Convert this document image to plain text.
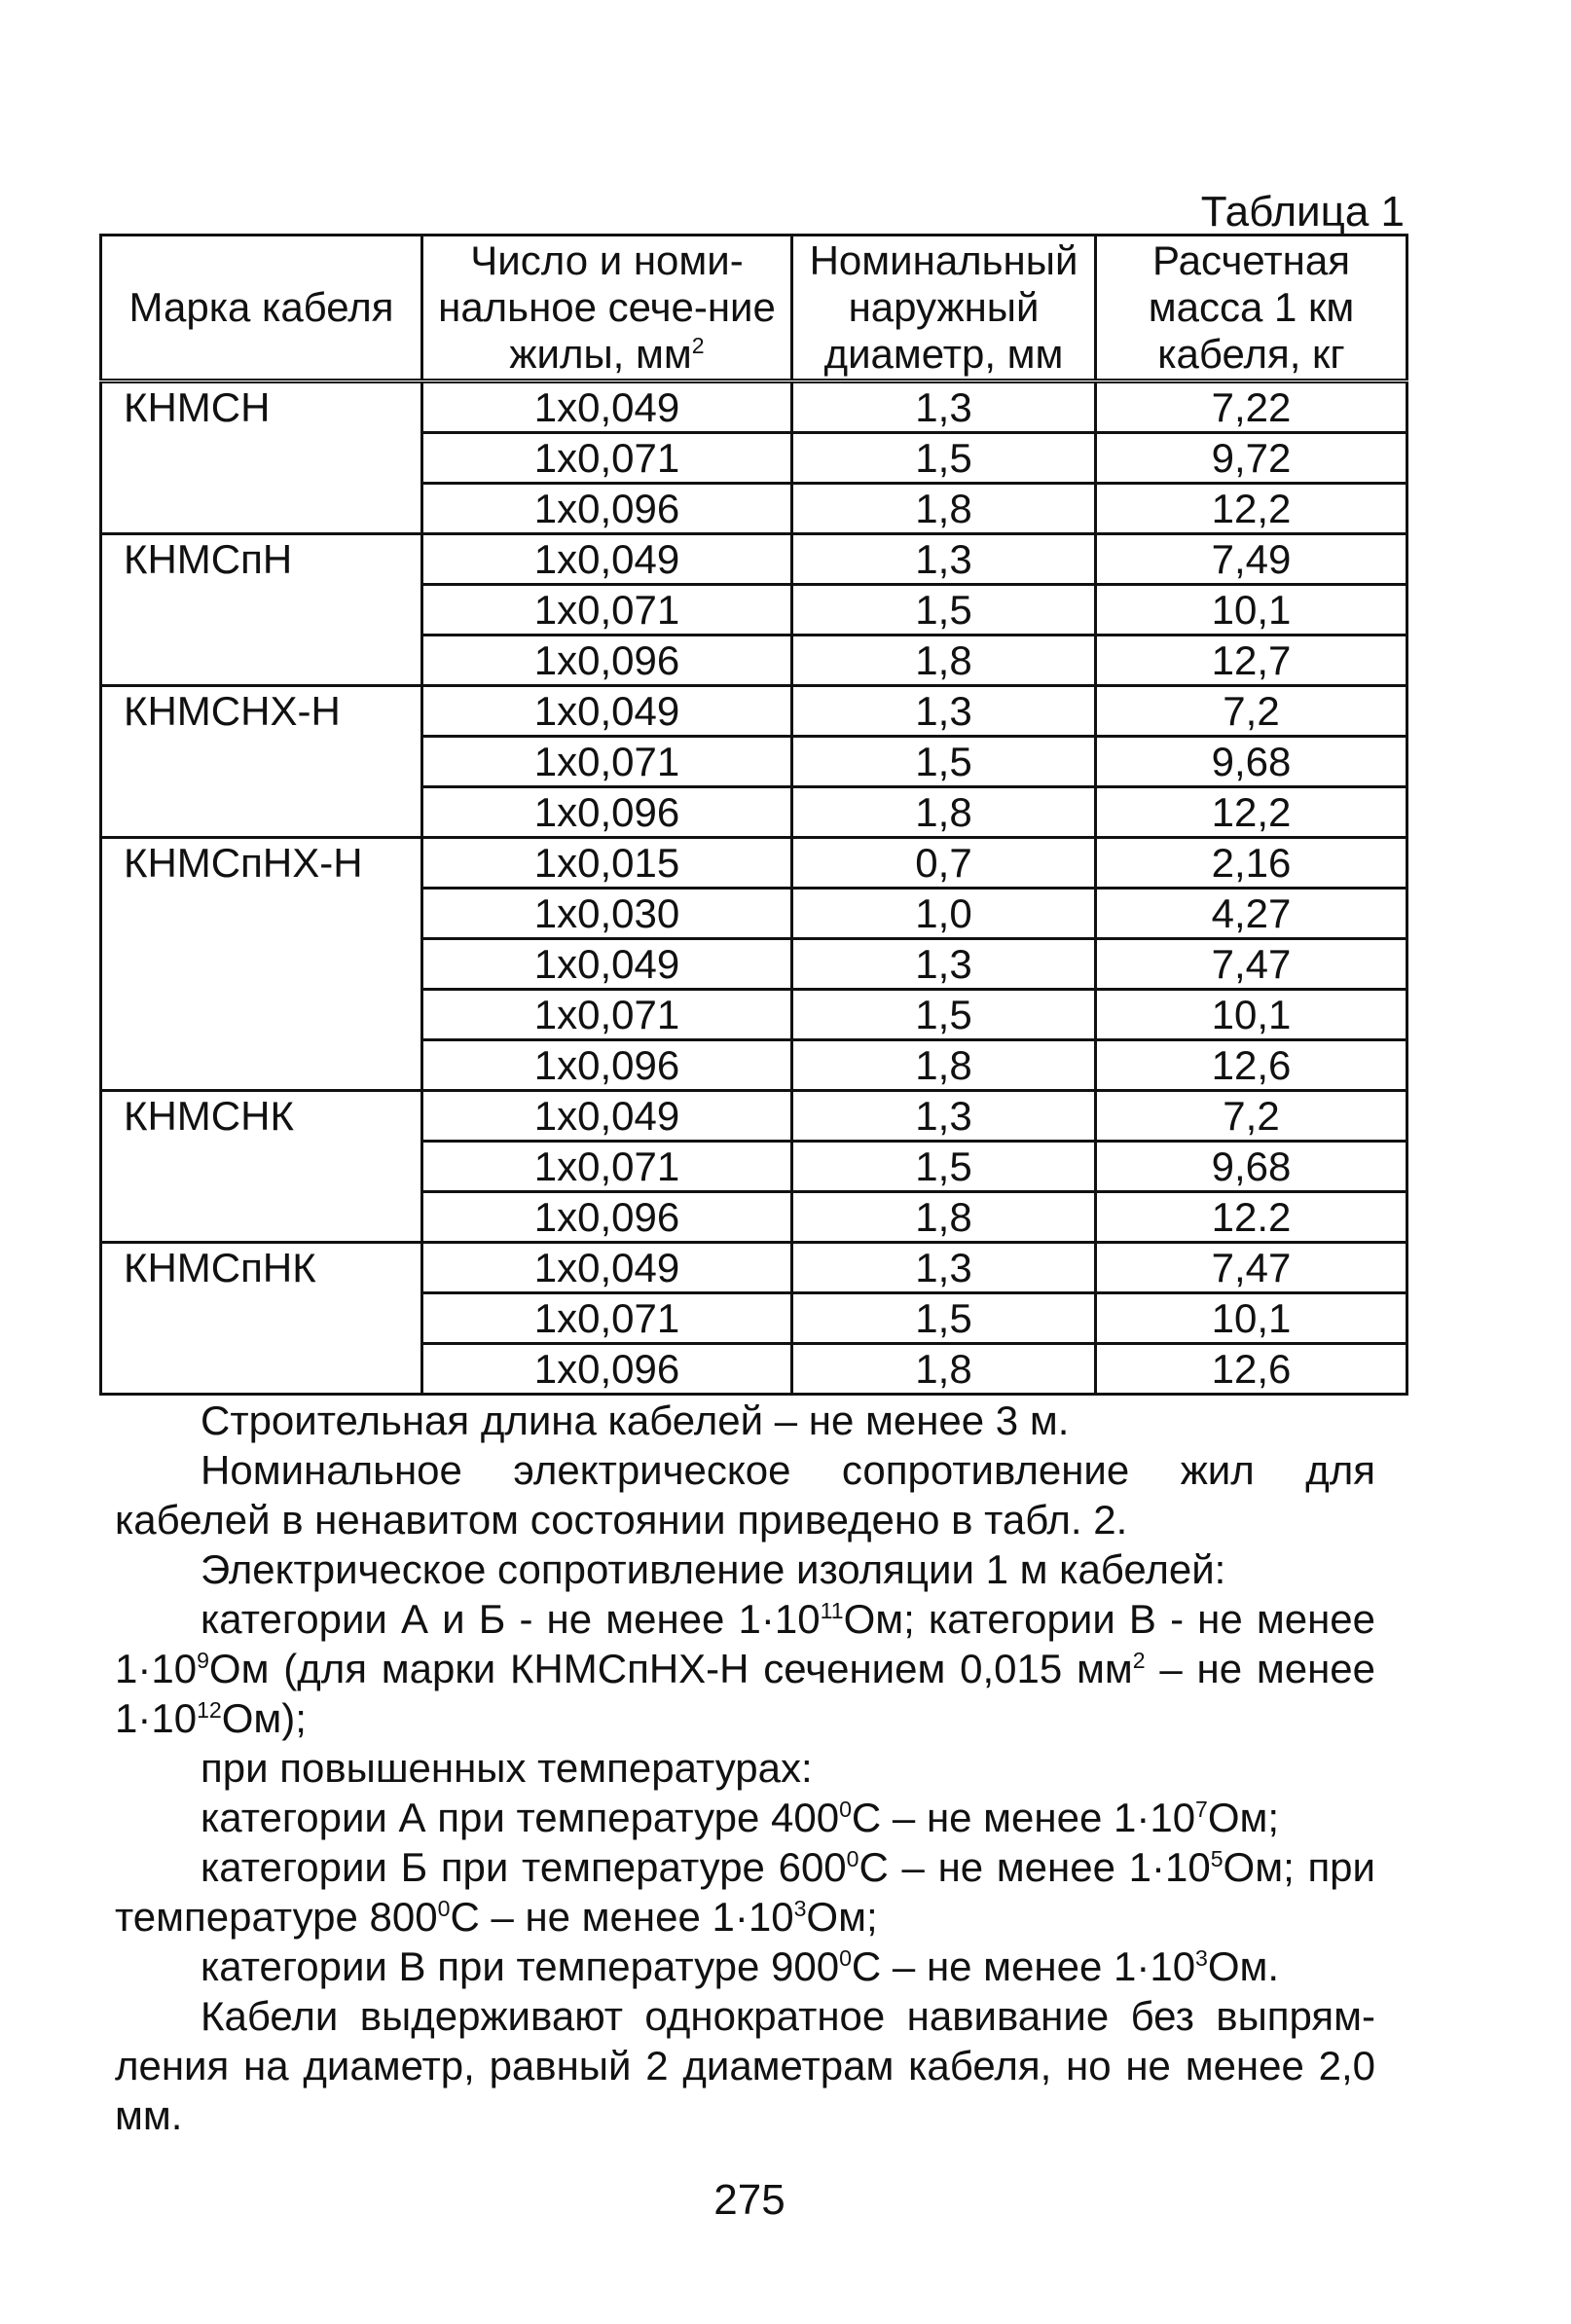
Таблица 1
Марка кабеля	Число и номи-нальное сече-ние жилы, $мм^2$	Номинальный наружный диаметр, мм	Расчетная масса 1 км кабеля, кг
КНМСН	1х0,049	1,3	7,22
	1х0,071	1,5	9,72
	1х0,096	1,8	12,2
КНМСпН	1х0,049	1,3	7,49
	1х0,071	1,5	10,1
	1х0,096	1,8	12,7
КНМСНХ-Н	1х0,049	1,3	7,2
	1х0,071	1,5	9,68
	1х0,096	1,8	12,2
КНМСпНХ-Н	1х0,015	0,7	2,16
	1х0,030	1,0	4,27
	1х0,049	1,3	7,47
	1х0,071	1,5	10,1
	1х0,096	1,8	12,6
КНМСНК	1х0,049	1,3	7,2
	1х0,071	1,5	9,68
	1х0,096	1,8	12.2
КНМСпНК	1х0,049	1,3	7,47
	1х0,071	1,5	10,1
	1х0,096	1,8	12,6

Строительная длина кабелей – не менее 3 м.

Номинальное электрическое сопротивление жил для кабелей в ненавитом состоянии приведено в табл. 2.

Электрическое сопротивление изоляции 1 м кабелей:

категории А и Б - не менее $1\cdot 10^{11}Ом$; категории В - не менее $1\cdot 10^9Ом$ (для марки КНМСпНХ-Н сечением 0,015 $мм^2$ – не менее $1\cdot 10^{12}Ом$);

при повышенных температурах:

категории А при температуре $400^0С$ – не менее $1\cdot 10^7Ом$;

категории Б при температуре $600^0С$ – не менее $1\cdot 10^5Ом$; при температуре $800^0С$ – не менее $1\cdot 10^3Ом$;

категории В при температуре $900^0С$ – не менее $1\cdot 10^3Ом$.

Кабели выдерживают однократное навивание без выпрям-ления на диаметр, равный 2 диаметрам кабеля, но не менее 2,0 мм.

275
